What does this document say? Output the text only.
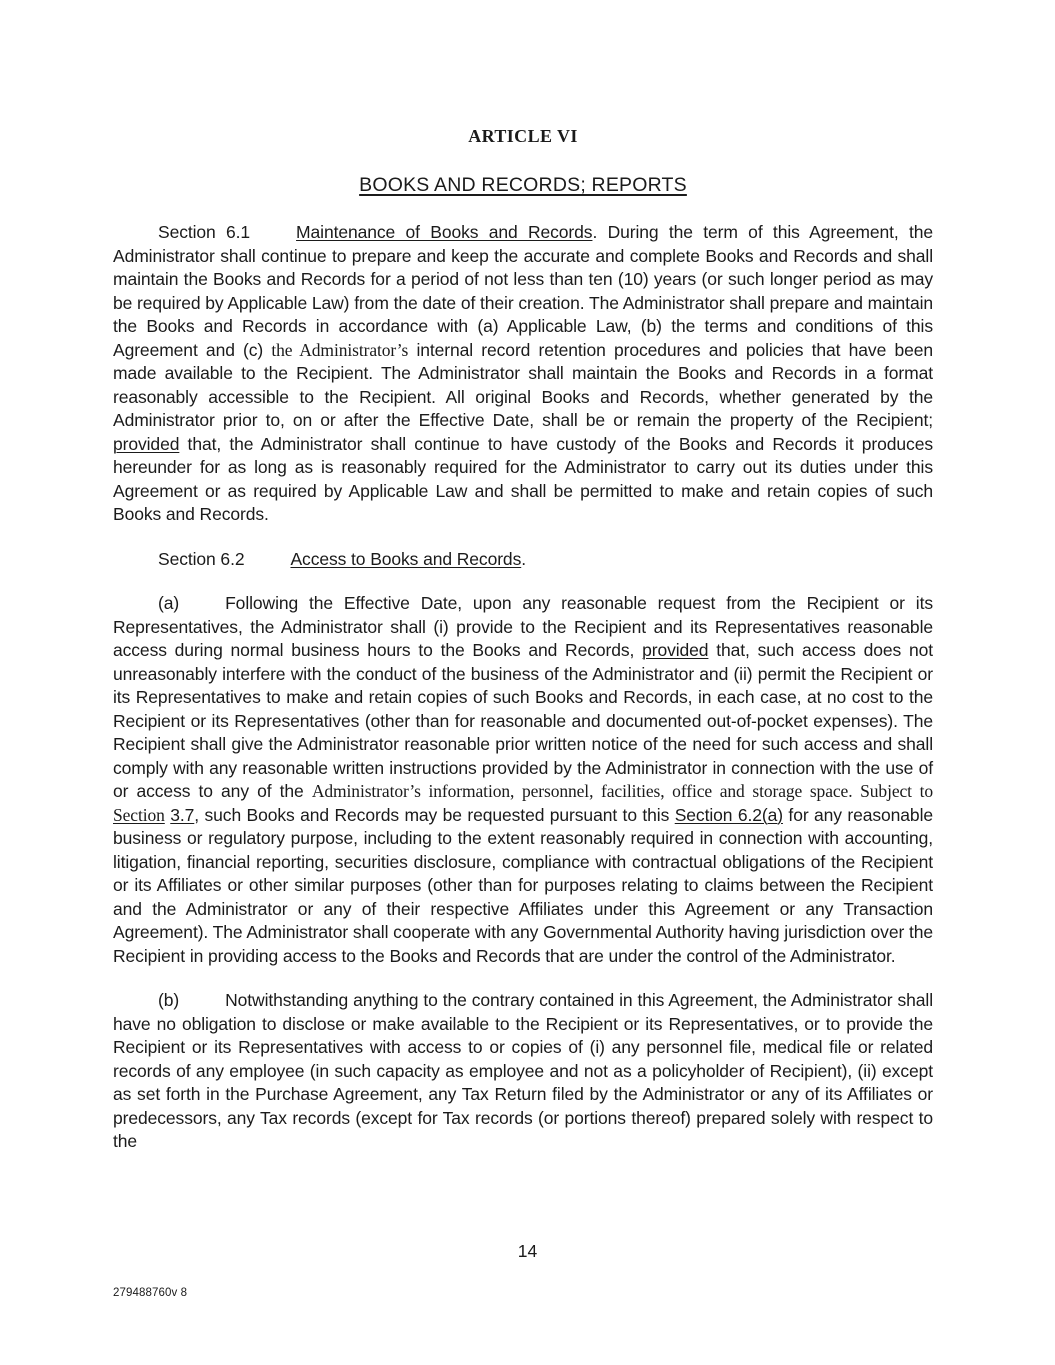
ARTICLE VI
BOOKS AND RECORDS; REPORTS

Section 6.1	Maintenance of Books and Records. During the term of this Agreement, the Administrator shall continue to prepare and keep the accurate and complete Books and Records and shall maintain the Books and Records for a period of not less than ten (10) years (or such longer period as may be required by Applicable Law) from the date of their creation. The Administrator shall prepare and maintain the Books and Records in accordance with (a) Applicable Law, (b) the terms and conditions of this Agreement and (c) the Administrator’s internal record retention procedures and policies that have been made available to the Recipient. The Administrator shall maintain the Books and Records in a format reasonably accessible to the Recipient. All original Books and Records, whether generated by the Administrator prior to, on or after the Effective Date, shall be or remain the property of the Recipient; provided that, the Administrator shall continue to have custody of the Books and Records it produces hereunder for as long as is reasonably required for the Administrator to carry out its duties under this Agreement or as required by Applicable Law and shall be permitted to make and retain copies of such Books and Records.

Section 6.2	Access to Books and Records.

(a)	Following the Effective Date, upon any reasonable request from the Recipient or its Representatives, the Administrator shall (i) provide to the Recipient and its Representatives reasonable access during normal business hours to the Books and Records, provided that, such access does not unreasonably interfere with the conduct of the business of the Administrator and (ii) permit the Recipient or its Representatives to make and retain copies of such Books and Records, in each case, at no cost to the Recipient or its Representatives (other than for reasonable and documented out-of-pocket expenses). The Recipient shall give the Administrator reasonable prior written notice of the need for such access and shall comply with any reasonable written instructions provided by the Administrator in connection with the use of or access to any of the Administrator’s information, personnel, facilities, office and storage space. Subject to Section 3.7, such Books and Records may be requested pursuant to this Section 6.2(a) for any reasonable business or regulatory purpose, including to the extent reasonably required in connection with accounting, litigation, financial reporting, securities disclosure, compliance with contractual obligations of the Recipient or its Affiliates or other similar purposes (other than for purposes relating to claims between the Recipient and the Administrator or any of their respective Affiliates under this Agreement or any Transaction Agreement). The Administrator shall cooperate with any Governmental Authority having jurisdiction over the Recipient in providing access to the Books and Records that are under the control of the Administrator.

(b)	Notwithstanding anything to the contrary contained in this Agreement, the Administrator shall have no obligation to disclose or make available to the Recipient or its Representatives, or to provide the Recipient or its Representatives with access to or copies of (i) any personnel file, medical file or related records of any employee (in such capacity as employee and not as a policyholder of Recipient), (ii) except as set forth in the Purchase Agreement, any Tax Return filed by the Administrator or any of its Affiliates or predecessors, any Tax records (except for Tax records (or portions thereof) prepared solely with respect to the

14
279488760v 8
